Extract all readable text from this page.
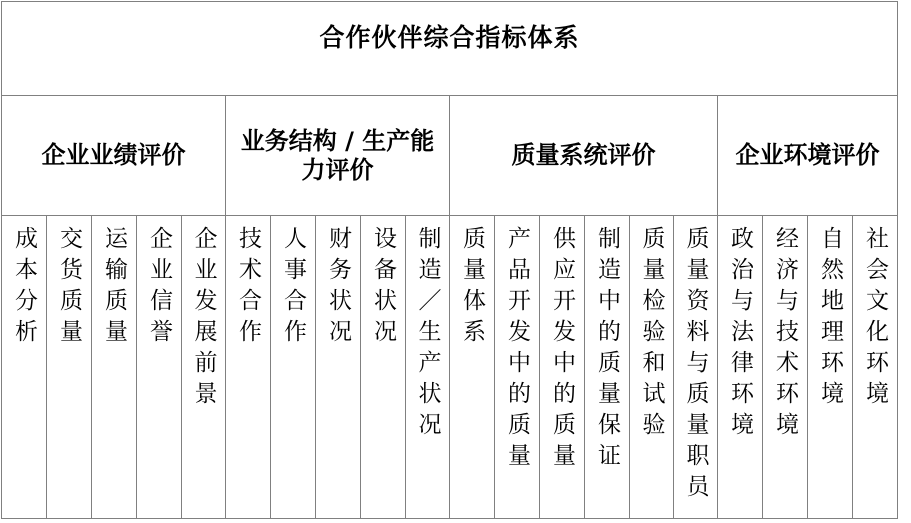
合作伙伴综合指标体系
企业业绩评价
业务结构 / 生产能力评价
质量系统评价	企业环境评价
成本分析 交货质量 运输质量 企业信誉 企业发展前景 技术合作 人事合作 财务状况 设备状况 制造／生产状况 质量体系 产品开发中的质量 供应开发中的质量 制造中的质量保证 质量检验和试验 质量资料与质量职员 政治与法律环境 经济与技术环境 自然地理环境 社会文化环境
